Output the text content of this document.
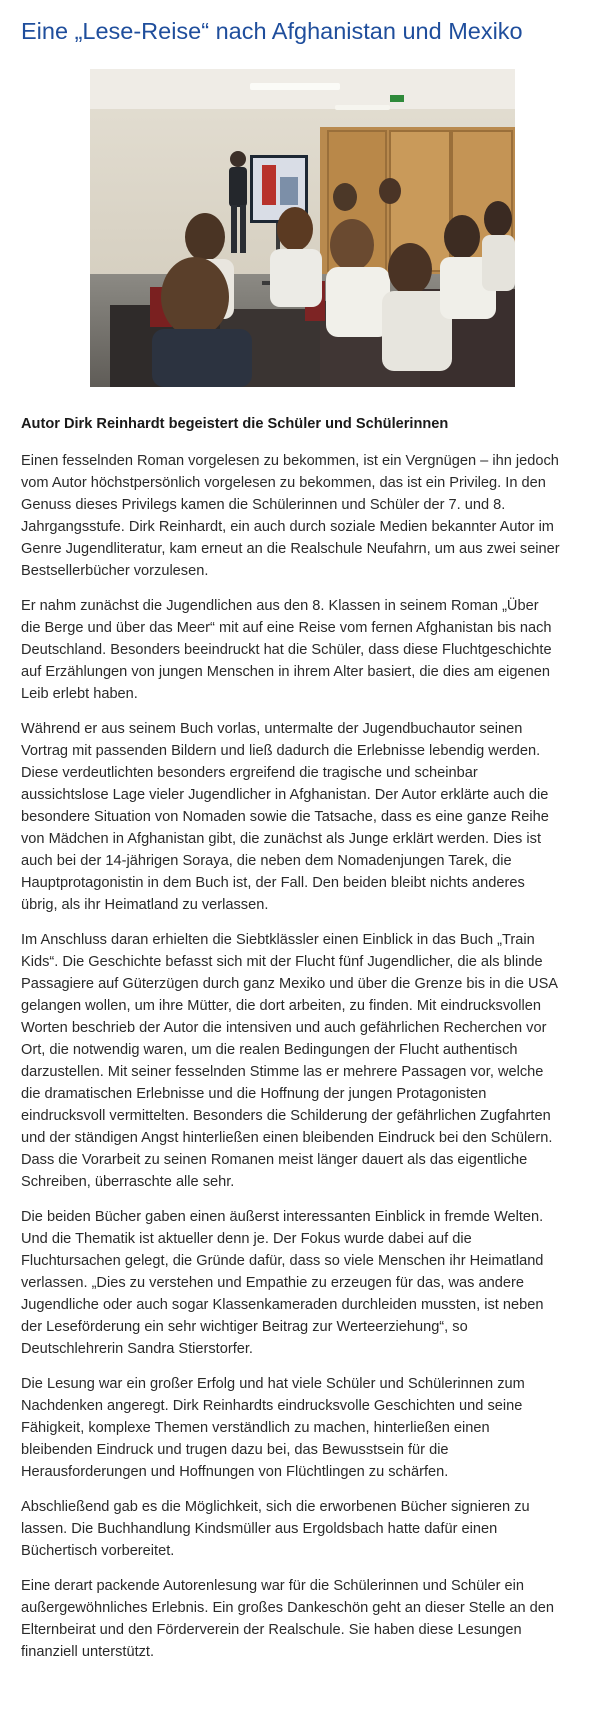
Eine „Lese-Reise“ nach Afghanistan und Mexiko

Autor Dirk Reinhardt begeistert die Schüler und Schülerinnen

Einen fesselnden Roman vorgelesen zu bekommen, ist ein Vergnügen – ihn jedoch
vom Autor höchstpersönlich vorgelesen zu bekommen, das ist ein Privileg. In den
Genuss dieses Privilegs kamen die Schülerinnen und Schüler der 7. und 8.
Jahrgangsstufe. Dirk Reinhardt, ein auch durch soziale Medien bekannter Autor im
Genre Jugendliteratur, kam erneut an die Realschule Neufahrn, um aus zwei seiner
Bestsellerbücher vorzulesen.

Er nahm zunächst die Jugendlichen aus den 8. Klassen in seinem Roman „Über
die Berge und über das Meer“ mit auf eine Reise vom fernen Afghanistan bis nach
Deutschland. Besonders beeindruckt hat die Schüler, dass diese Fluchtgeschichte
auf Erzählungen von jungen Menschen in ihrem Alter basiert, die dies am eigenen
Leib erlebt haben.

Während er aus seinem Buch vorlas, untermalte der Jugendbuchautor seinen
Vortrag mit passenden Bildern und ließ dadurch die Erlebnisse lebendig werden.
Diese verdeutlichten besonders ergreifend die tragische und scheinbar
aussichtslose Lage vieler Jugendlicher in Afghanistan. Der Autor erklärte auch die
besondere Situation von Nomaden sowie die Tatsache, dass es eine ganze Reihe
von Mädchen in Afghanistan gibt, die zunächst als Junge erklärt werden. Dies ist
auch bei der 14-jährigen Soraya, die neben dem Nomadenjungen Tarek, die
Hauptprotagonistin in dem Buch ist, der Fall. Den beiden bleibt nichts anderes
übrig, als ihr Heimatland zu verlassen.

Im Anschluss daran erhielten die Siebtklässler einen Einblick in das Buch „Train
Kids“. Die Geschichte befasst sich mit der Flucht fünf Jugendlicher, die als blinde
Passagiere auf Güterzügen durch ganz Mexiko und über die Grenze bis in die USA
gelangen wollen, um ihre Mütter, die dort arbeiten, zu finden. Mit eindrucksvollen
Worten beschrieb der Autor die intensiven und auch gefährlichen Recherchen vor
Ort, die notwendig waren, um die realen Bedingungen der Flucht authentisch
darzustellen. Mit seiner fesselnden Stimme las er mehrere Passagen vor, welche
die dramatischen Erlebnisse und die Hoffnung der jungen Protagonisten
eindrucksvoll vermittelten. Besonders die Schilderung der gefährlichen Zugfahrten
und der ständigen Angst hinterließen einen bleibenden Eindruck bei den Schülern.
Dass die Vorarbeit zu seinen Romanen meist länger dauert als das eigentliche
Schreiben, überraschte alle sehr.

Die beiden Bücher gaben einen äußerst interessanten Einblick in fremde Welten.
Und die Thematik ist aktueller denn je. Der Fokus wurde dabei auf die
Fluchtursachen gelegt, die Gründe dafür, dass so viele Menschen ihr Heimatland
verlassen. „Dies zu verstehen und Empathie zu erzeugen für das, was andere
Jugendliche oder auch sogar Klassenkameraden durchleiden mussten, ist neben
der Leseförderung ein sehr wichtiger Beitrag zur Werteerziehung“, so
Deutschlehrerin Sandra Stierstorfer.

Die Lesung war ein großer Erfolg und hat viele Schüler und Schülerinnen zum
Nachdenken angeregt. Dirk Reinhardts eindrucksvolle Geschichten und seine
Fähigkeit, komplexe Themen verständlich zu machen, hinterließen einen
bleibenden Eindruck und trugen dazu bei, das Bewusstsein für die
Herausforderungen und Hoffnungen von Flüchtlingen zu schärfen.

Abschließend gab es die Möglichkeit, sich die erworbenen Bücher signieren zu
lassen. Die Buchhandlung Kindsmüller aus Ergoldsbach hatte dafür einen
Büchertisch vorbereitet.

Eine derart packende Autorenlesung war für die Schülerinnen und Schüler ein
außergewöhnliches Erlebnis. Ein großes Dankeschön geht an dieser Stelle an den
Elternbeirat und den Förderverein der Realschule. Sie haben diese Lesungen
finanziell unterstützt.
